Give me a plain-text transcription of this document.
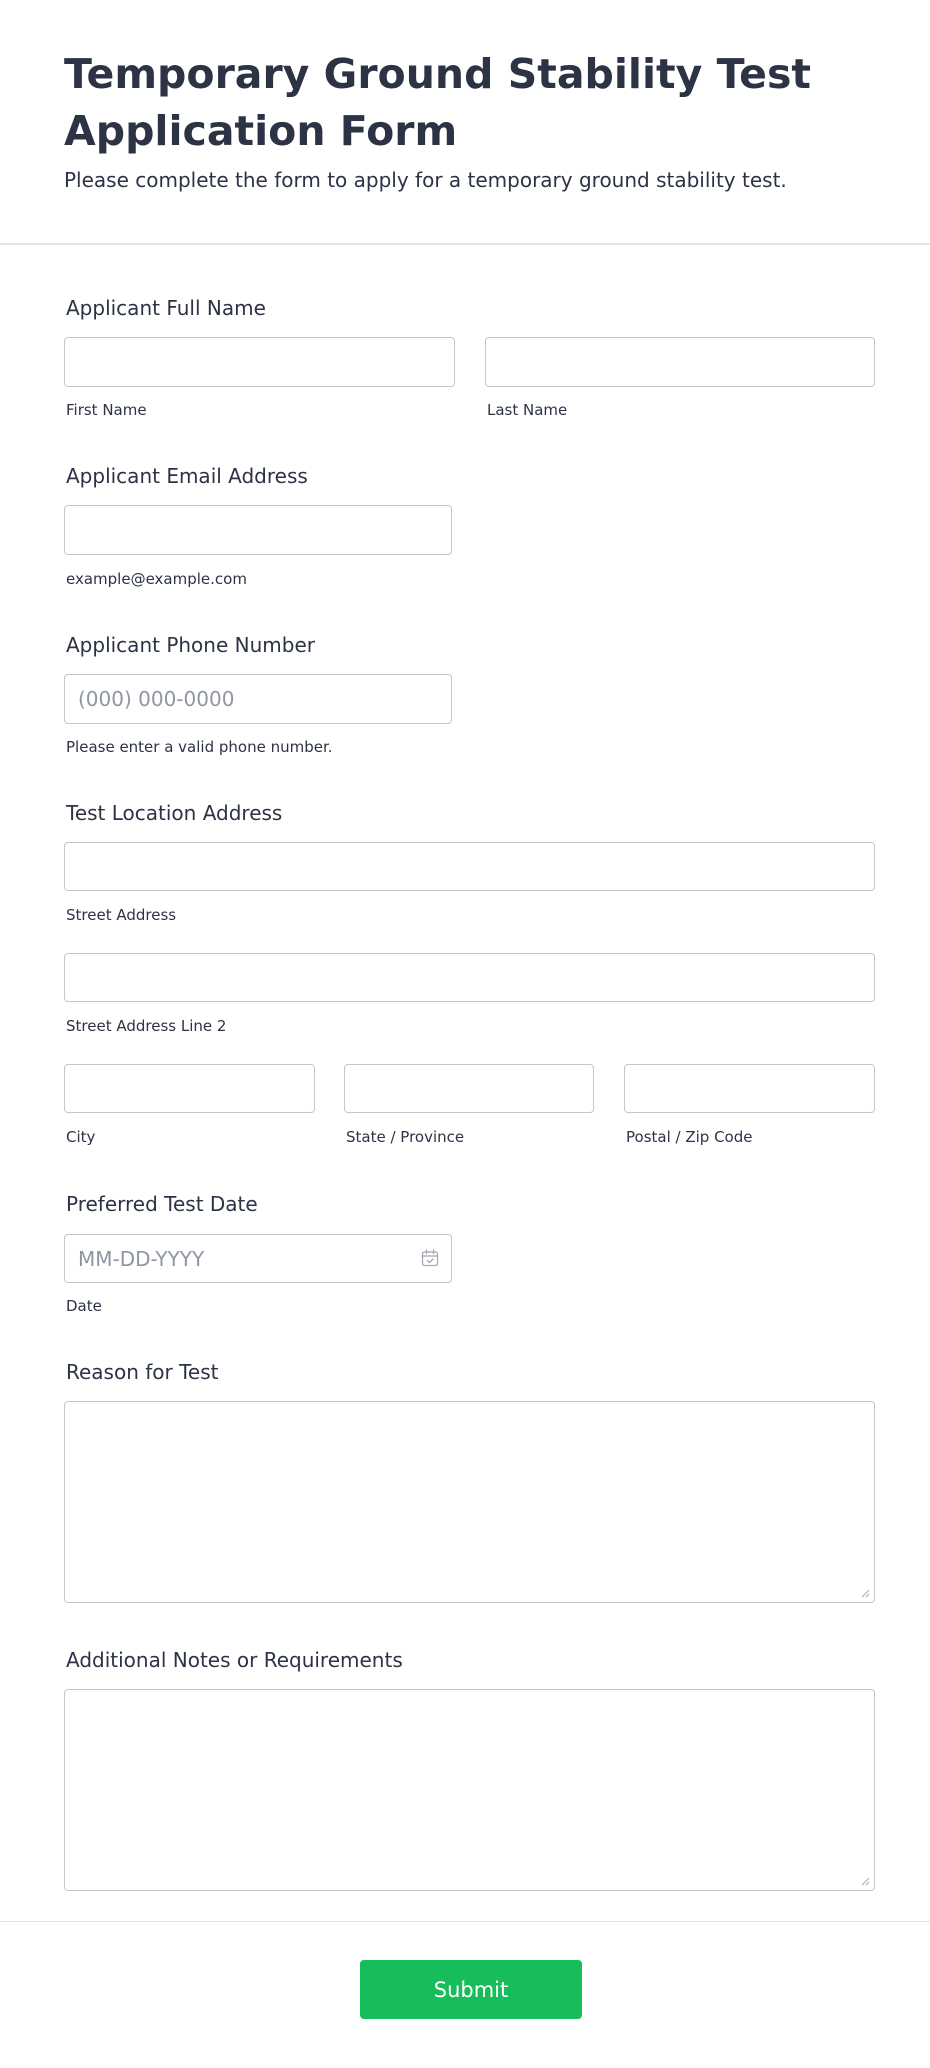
Temporary Ground Stability Test Application Form

Please complete the form to apply for a temporary ground stability test.

Applicant Full Name
First Name	Last Name
Applicant Email Address
example@example.com
Applicant Phone Number
(000) 000-0000
Please enter a valid phone number.
Test Location Address
Street Address
Street Address Line 2
City	State / Province	Postal / Zip Code
Preferred Test Date
MM-DD-YYYY
Date
Reason for Test
Additional Notes or Requirements
Submit
